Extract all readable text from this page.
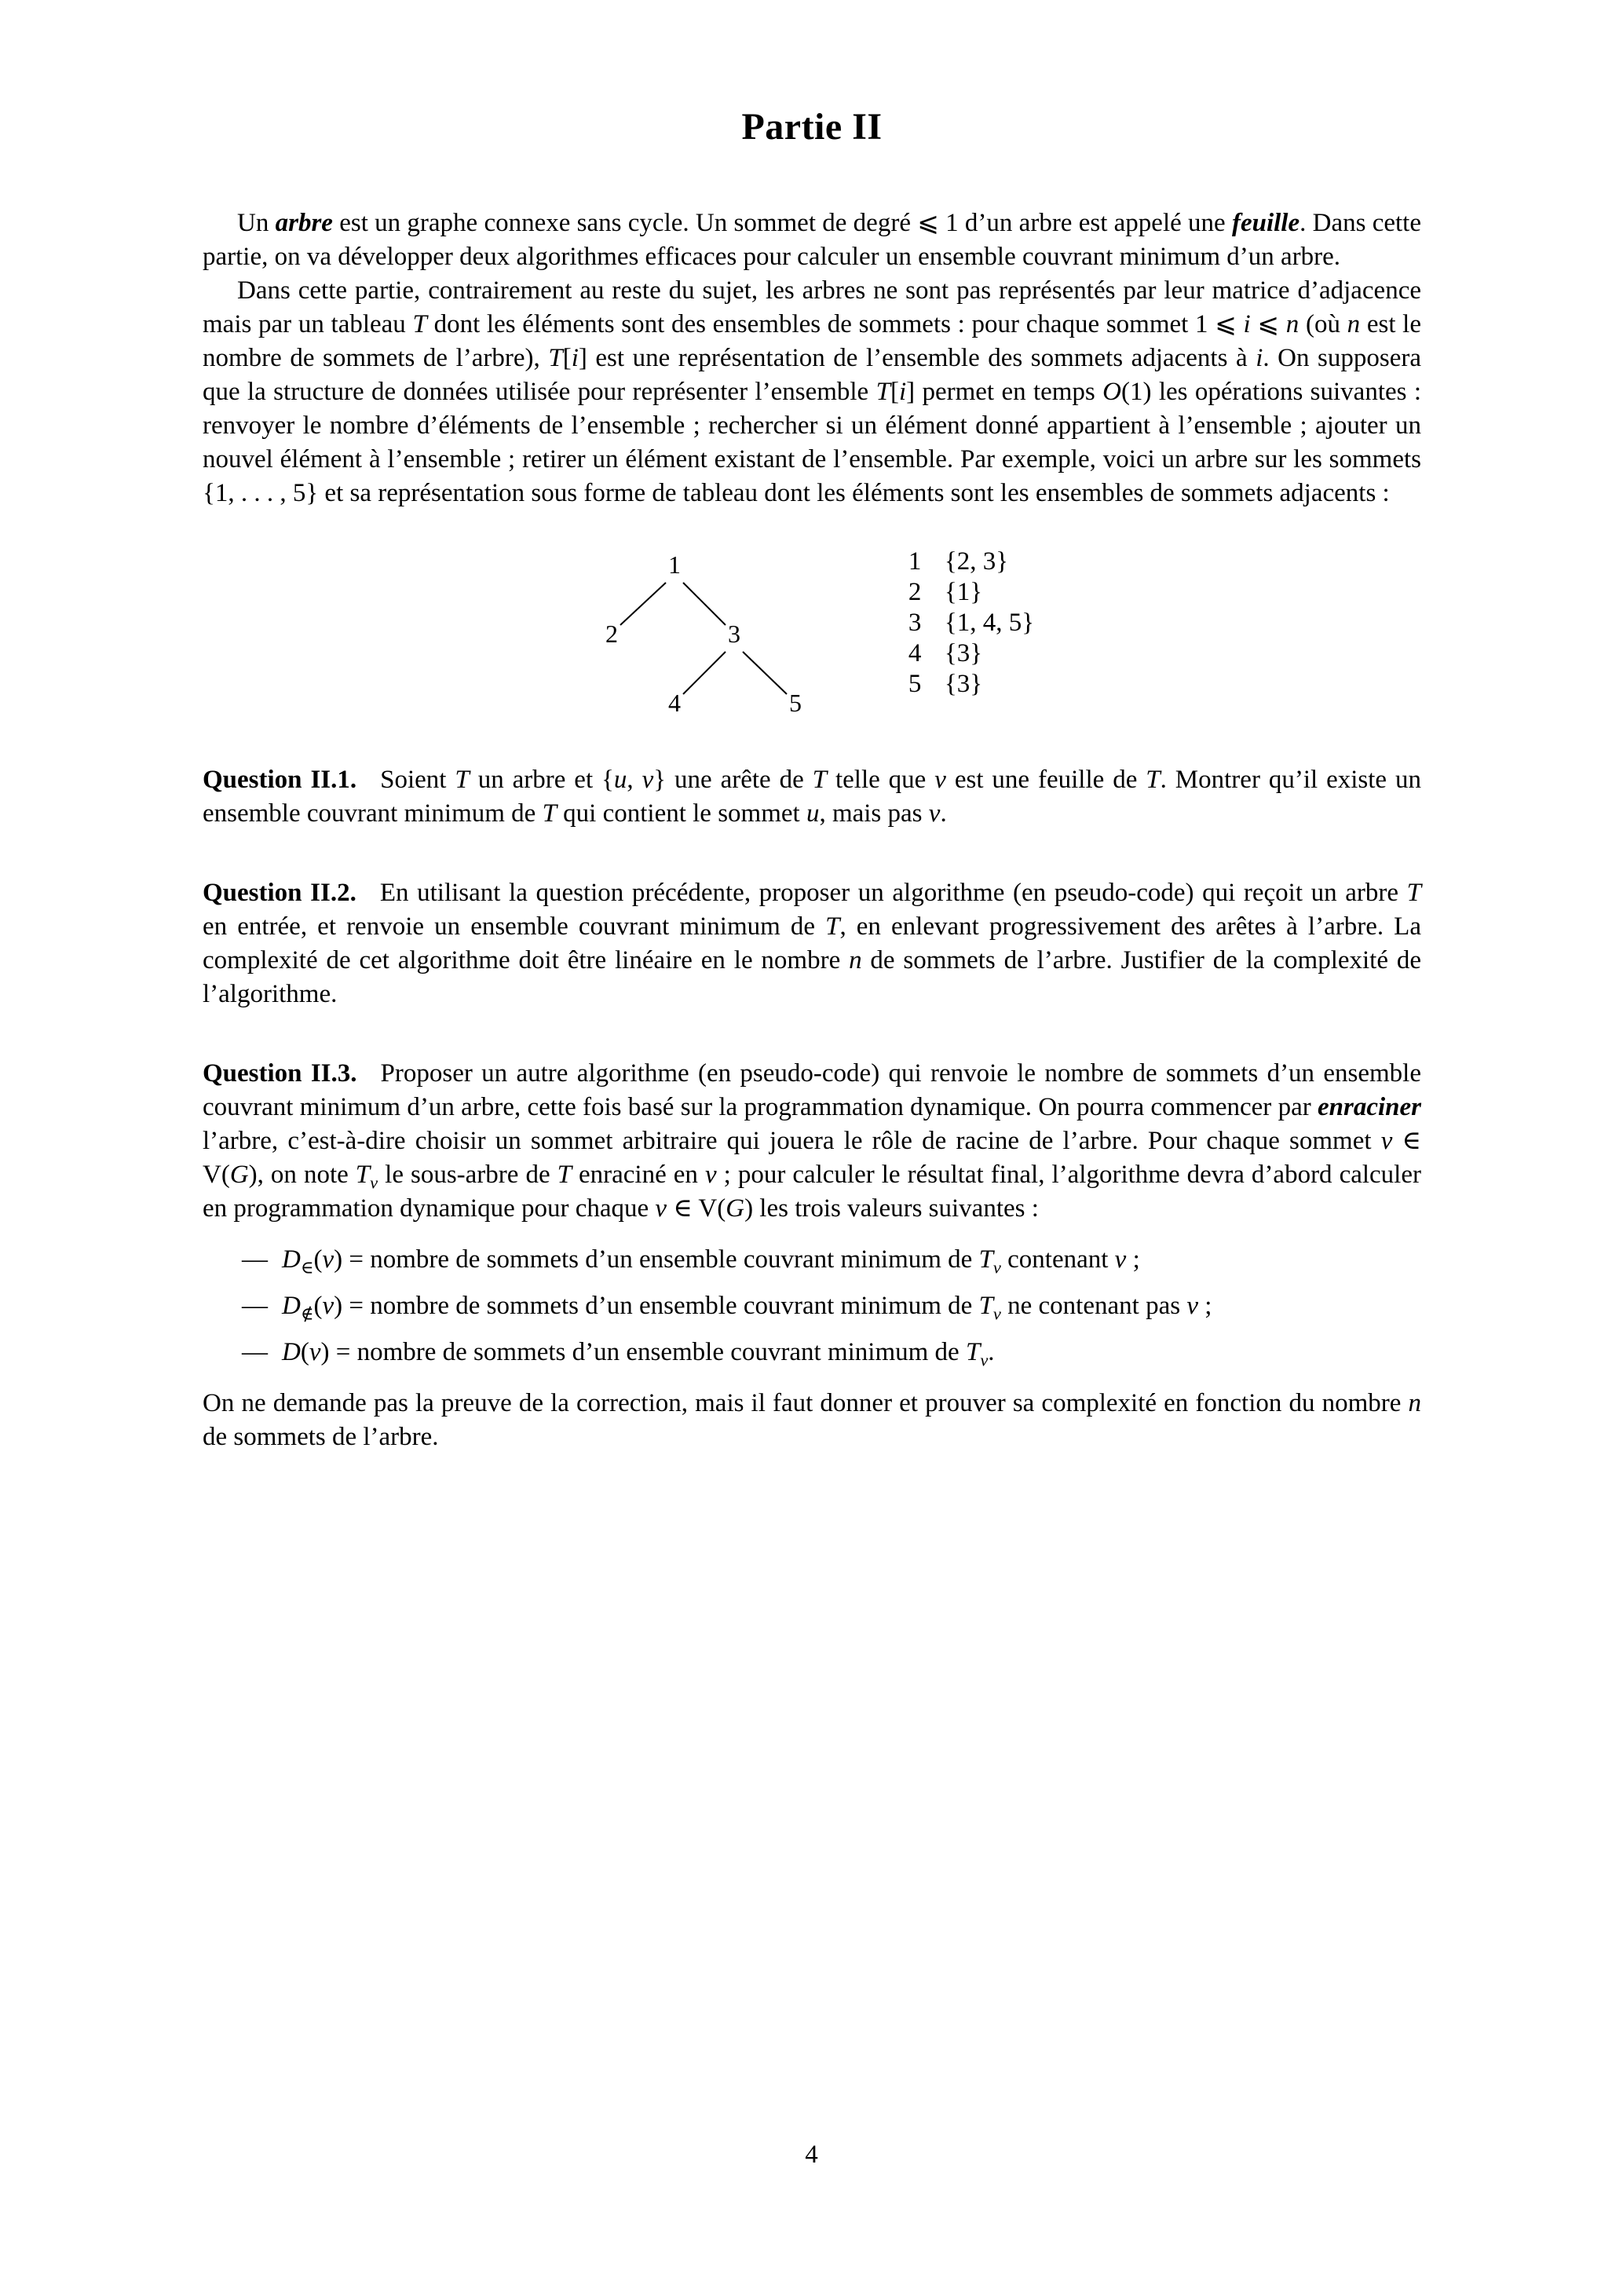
Partie II

Un arbre est un graphe connexe sans cycle. Un sommet de degré ⩽ 1 d’un arbre est appelé une feuille. Dans cette partie, on va développer deux algorithmes efficaces pour calculer un ensemble couvrant minimum d’un arbre.

Dans cette partie, contrairement au reste du sujet, les arbres ne sont pas représentés par leur matrice d’adjacence mais par un tableau T dont les éléments sont des ensembles de sommets : pour chaque sommet 1 ⩽ i ⩽ n (où n est le nombre de sommets de l’arbre), T[i] est une représentation de l’ensemble des sommets adjacents à i. On supposera que la structure de données utilisée pour représenter l’ensemble T[i] permet en temps O(1) les opérations suivantes : renvoyer le nombre d’éléments de l’ensemble ; rechercher si un élément donné appartient à l’ensemble ; ajouter un nouvel élément à l’ensemble ; retirer un élément existant de l’ensemble. Par exemple, voici un arbre sur les sommets {1, . . . , 5} et sa représentation sous forme de tableau dont les éléments sont les ensembles de sommets adjacents :

1
2	3
4	5
1 {2, 3}
2 {1}
3 {1, 4, 5}
4 {3}
5 {3}

Question II.1. Soient T un arbre et {u, v} une arête de T telle que v est une feuille de T. Montrer qu’il existe un ensemble couvrant minimum de T qui contient le sommet u, mais pas v.

Question II.2. En utilisant la question précédente, proposer un algorithme (en pseudo-code) qui reçoit un arbre T en entrée, et renvoie un ensemble couvrant minimum de T, en enlevant progressivement des arêtes à l’arbre. La complexité de cet algorithme doit être linéaire en le nombre n de sommets de l’arbre. Justifier de la complexité de l’algorithme.

Question II.3. Proposer un autre algorithme (en pseudo-code) qui renvoie le nombre de sommets d’un ensemble couvrant minimum d’un arbre, cette fois basé sur la programmation dynamique. On pourra commencer par enraciner l’arbre, c’est-à-dire choisir un sommet arbitraire qui jouera le rôle de racine de l’arbre. Pour chaque sommet v ∈ V(G), on note $T_v$ le sous-arbre de T enraciné en v ; pour calculer le résultat final, l’algorithme devra d’abord calculer en programmation dynamique pour chaque v ∈ V(G) les trois valeurs suivantes :

— $D_\in(v)$ = nombre de sommets d’un ensemble couvrant minimum de $T_v$ contenant v ;

— $D_\notin(v)$ = nombre de sommets d’un ensemble couvrant minimum de $T_v$ ne contenant pas v ;

— D(v) = nombre de sommets d’un ensemble couvrant minimum de $T_v$.

On ne demande pas la preuve de la correction, mais il faut donner et prouver sa complexité en fonction du nombre n de sommets de l’arbre.

4
